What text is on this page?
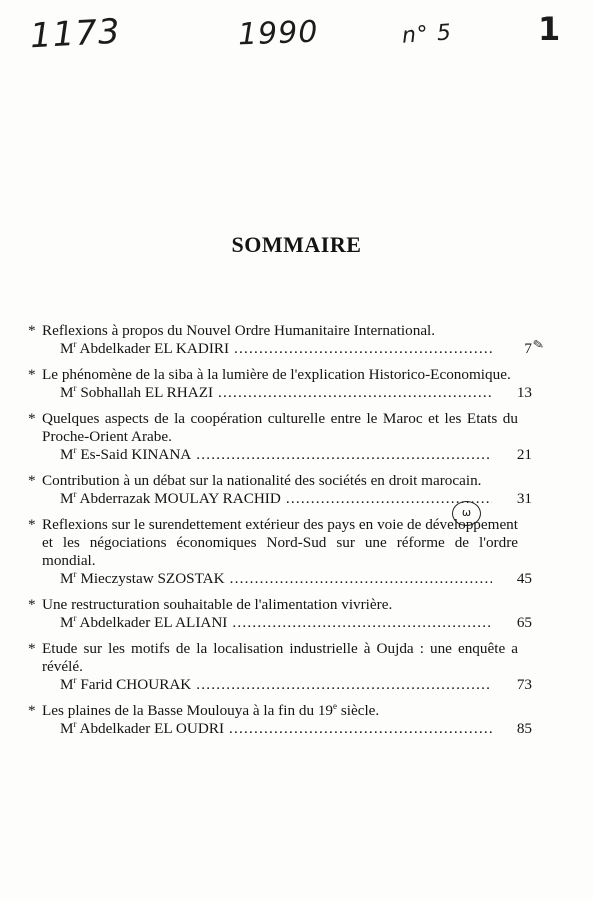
1173	1990	n° 5	1
SOMMAIRE
* Reflexions à propos du Nouvel Ordre Humanitaire International.
$M^r$ Abdelkader EL KADIRI .....	7
* Le phénomène de la siba à la lumière de l'explication Historico-Economique.
$M^r$ Sobhallah EL RHAZI .....	13
* Quelques aspects de la coopération culturelle entre le Maroc et les Etats du Proche-Orient Arabe.
$M^r$ Es-Said KINANA .....	21
* Contribution à un débat sur la nationalité des sociétés en droit marocain.
$M^r$ Abderrazak MOULAY RACHID .....	31
* Reflexions sur le surendettement extérieur des pays en voie de développement et les négociations économiques Nord-Sud sur une réforme de l'ordre mondial.
$M^r$ Mieczystaw SZOSTAK .....	45
* Une restructuration souhaitable de l'alimentation vivrière.
$M^r$ Abdelkader EL ALIANI .....	65
* Etude sur les motifs de la localisation industrielle à Oujda : une enquête a révélé.
$M^r$ Farid CHOURAK .....	73
* Les plaines de la Basse Moulouya à la fin du 19e siècle.
$M^r$ Abdelkader EL OUDRI .....	85
✎
ω
